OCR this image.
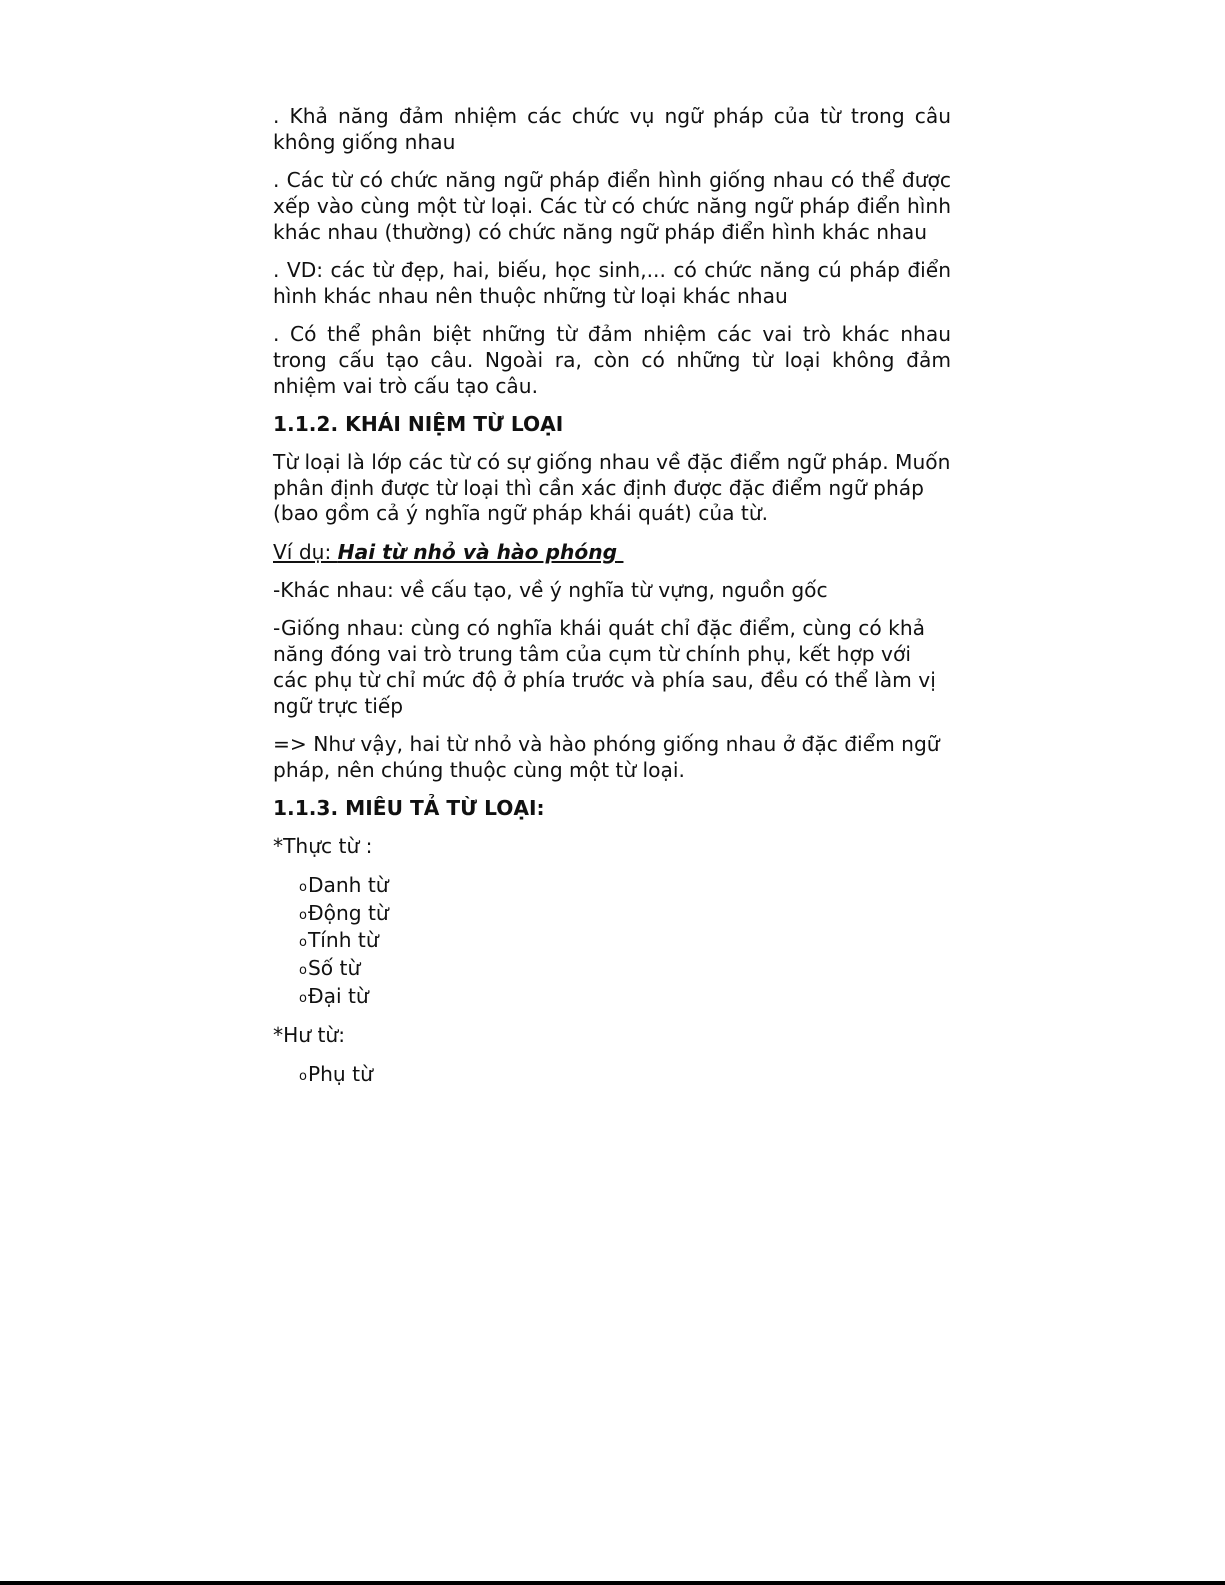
. Khả năng đảm nhiệm các chức vụ ngữ pháp của từ trong câu không giống nhau

. Các từ có chức năng ngữ pháp điển hình giống nhau có thể được xếp vào cùng một từ loại. Các từ có chức năng ngữ pháp điển hình khác nhau (thường) có chức năng ngữ pháp điển hình khác nhau

. VD: các từ đẹp, hai, biếu, học sinh,... có chức năng cú pháp điển hình khác nhau nên thuộc những từ loại khác nhau

. Có thể phân biệt những từ đảm nhiệm các vai trò khác nhau trong cấu tạo câu. Ngoài ra, còn có những từ loại không đảm nhiệm vai trò cấu tạo câu.

1.1.2. KHÁI NIỆM TỪ LOẠI

Từ loại là lớp các từ có sự giống nhau về đặc điểm ngữ pháp. Muốn phân định được từ loại thì cần xác định được đặc điểm ngữ pháp (bao gồm cả ý nghĩa ngữ pháp khái quát) của từ.

Ví dụ: Hai từ nhỏ và hào phóng

-Khác nhau: về cấu tạo, về ý nghĩa từ vựng, nguồn gốc

-Giống nhau: cùng có nghĩa khái quát chỉ đặc điểm, cùng có khả năng đóng vai trò trung tâm của cụm từ chính phụ, kết hợp với các phụ từ chỉ mức độ ở phía trước và phía sau, đều có thể làm vị ngữ trực tiếp

=> Như vậy, hai từ nhỏ và hào phóng giống nhau ở đặc điểm ngữ pháp, nên chúng thuộc cùng một từ loại.

1.1.3. MIÊU TẢ TỪ LOẠI:

*Thực từ :

oDanh từ
oĐộng từ
oTính từ
oSố từ
oĐại từ

*Hư từ:

oPhụ từ
